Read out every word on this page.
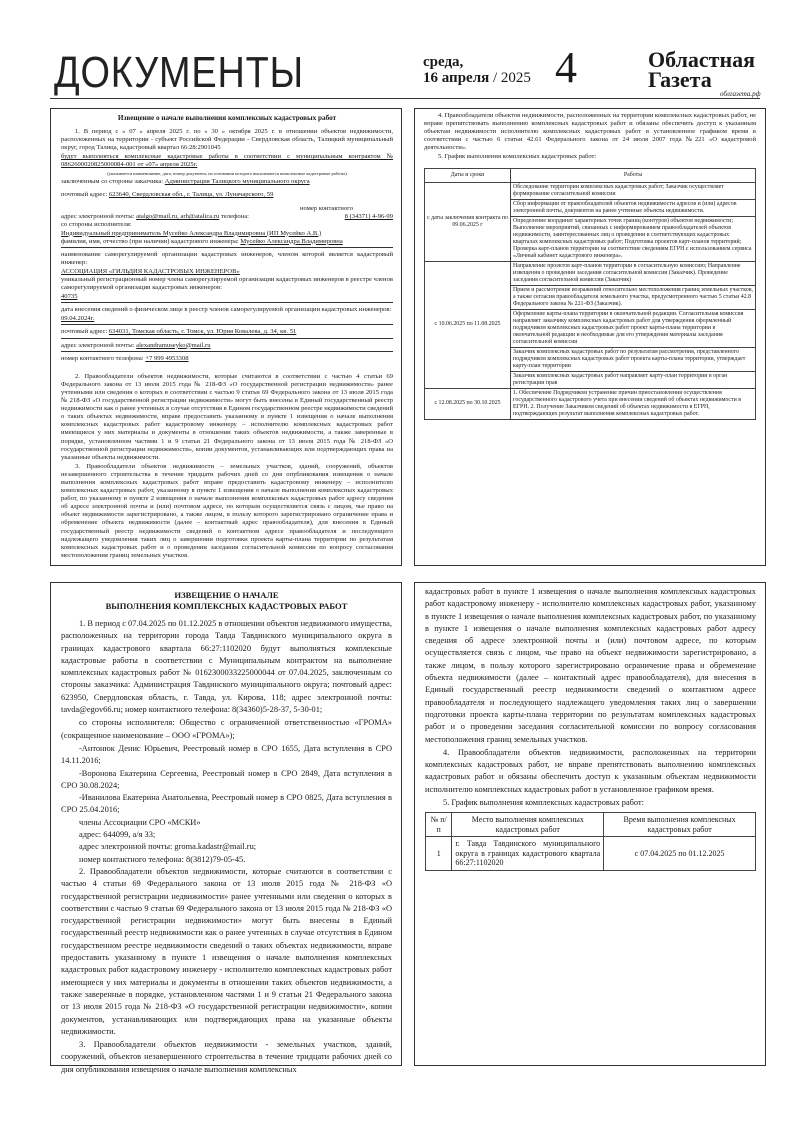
ДОКУМЕНТЫ	среда,
16 апреля / 2025 4	Областная
Газета
облгазета.рф
Извещение о начале выполнения комплексных кадастровых работ
1. В период с « 07 » апреля 2025 г. по « 30 » октября 2025 г. в отношении объектов недвижимости, расположенных на территории - субъект Российской Федерации - Свердловская область, Талицкий муниципальный округ, город Талица, кадастровый квартал 66:28:2901045
будут выполняться комплексные кадастровые работы в соответствии с муниципальным контрактом № 0862600020825000084-001 от «07» апреля 2025г.
(указывается наименование, дата, номер документа, на основании которого выполняются комплексные кадастровые работы)
заключенным со стороны заказчика: Администрация Талицкого муниципального округа
почтовый адрес: 623640, Свердловская обл., г. Талица, ул. Луначарского, 59
номер контактного
адрес электронной почты: atalgo@mail.ru, arh@atalica.ru телефона:	8 (34371) 4-96-99
со стороны исполнителя:
Индивидуальный предприниматель Мусейко Александра Владимировна (ИП Мусейко А.В.)
фамилия, имя, отчество (при наличии) кадастрового инженера: Мусейко Александра Владимировна
наименование саморегулируемой организации кадастровых инженеров, членом которой является кадастровый инженер:
АССОЦИАЦИЯ «ГИЛЬДИЯ КАДАСТРОВЫХ ИНЖЕНЕРОВ»
уникальный регистрационный номер члена саморегулируемой организации кадастровых инженеров в реестре членов саморегулируемой организации кадастровых инженеров:
40735
дата внесения сведений о физическом лице в реестр членов саморегулируемой организации кадастровых инженеров:
09.04.2024г.
почтовый адрес: 634031, Томская область, г. Томск, ул. Юрия Ковалева, д. 34, кв. 51
адрес электронной почты: alexandramuseyko@mail.ru
номер контактного телефона: +7 999 4953308
2. Правообладатели объектов недвижимости, которые считаются в соответствии с частью 4 статьи 69 Федерального закона от 13 июля 2015 года № 218-ФЗ «О государственной регистрации недвижимости» ранее учтенными или сведения о которых в соответствии с частью 9 статьи 69 Федерального закона от 13 июля 2015 года № 218-ФЗ «О государственной регистрации недвижимости» могут быть внесены в Единый государственный реестр недвижимости как о ранее учтенных в случае отсутствия в Едином государственном реестре недвижимости сведений о таких объектах недвижимости, вправе предоставить указанному в пункте 1 извещения о начале выполнения комплексных кадастровых работ кадастровому инженеру – исполнителю комплексных кадастровых работ имеющиеся у них материалы и документы в отношении таких объектов недвижимости, а также заверенные в порядке, установленном частями 1 и 9 статьи 21 Федерального закона от 13 июля 2015 года № 218-ФЗ «О государственной регистрации недвижимости», копии документов, устанавливающих или подтверждающих права на указанные объекты недвижимости.
3. Правообладатели объектов недвижимости – земельных участков, зданий, сооружений, объектов незавершенного строительства в течение тридцати рабочих дней со дня опубликования извещения о начале выполнения комплексных кадастровых работ вправе предоставить кадастровому инженеру – исполнителю комплексных кадастровых работ, указанному в пункте 1 извещения о начале выполнения комплексных кадастровых работ, по указанному в пункте 2 извещения о начале выполнения комплексных кадастровых работ адресу сведения об адресе электронной почты и (или) почтовом адресе, по которым осуществляется связь с лицом, чье право на объект недвижимости зарегистрировано, а также лицом, в пользу которого зарегистрировано ограничение права и обременение объекта недвижимости (далее – контактный адрес правообладателя), для внесения в Единый государственный реестр недвижимости сведений о контактном адресе правообладателя и последующего надлежащего уведомления таких лиц о завершении подготовки проекта карты-плана территории по результатам комплексных кадастровых работ и о проведении заседания согласительной комиссии по вопросу согласования местоположения границ земельных участков.
4. Правообладатели объектов недвижимости, расположенных на территории комплексных кадастровых работ, не вправе препятствовать выполнению комплексных кадастровых работ и обязаны обеспечить доступ к указанным объектам недвижимости исполнителю комплексных кадастровых работ в установленное графиком время в соответствии с частью 6 статьи 42.61 Федерального закона от 24 июля 2007 года №221 «О кадастровой деятельности».
5. График выполнения комплексных кадастровых работ:
Даты и сроки	Работы
с даты заключения контракта по 09.06.2025 г	Обследование территории комплексных кадастровых работ; Заказчик осуществляет формирование согласительной комиссии
	Сбор информации от правообладателей объектов недвижимости адресов и (или) адресов электронной почты, документов на ранее учтенные объекты недвижимости.
	Определение координат характерных точек границ (контуров) объектов недвижимости; Выполнение мероприятий, связанных с информированием правообладателей объектов недвижимости, заинтересованных лиц о проведении в соответствующих кадастровых кварталах комплексных кадастровых работ; Подготовка проектов карт-планов территорий; Проверка карт-планов территории на соответствие сведениям ЕГРН с использованием сервиса «Личный кабинет кадастрового инженера».
с 10.06.2025 по 11.08.2025	Направление проектов карт-планов территории в согласительную комиссию; Направление извещения о проведении заседания согласительной комиссии (Заказчик). Проведение заседания согласительной комиссии (Заказчик)
	Прием и рассмотрение возражений относительно местоположения границ земельных участков, а также сегласия правообладателя земельного участка, предусмотренного частью 5 статьи 42.8 Федерального закона № 221-ФЗ (Заказчик).
	Оформление карты-плана территории в окончательной редакции. Согласительная комиссия направляет заказчику комплексных кадастровых работ для утверждения оформленный подрядчиком комплексных кадастровых работ проект карты-плана территории в окончательной редакции и необходимые для его утверждения материалы заседания согласительной комиссии
	Заказчик комплексных кадастровых работ по результатам рассмотрения, представленного подрядчиком комплексных кадастровых работ проекта карты-плана территории, утверждает карту-план территории
	Заказчик комплексных кадастровых работ направляет карту-план территории в орган регистрации прав
с 12.08.2025 по 30.10.2025	1. Обеспечение Подрядчиком устранение причин приостановления осуществления государственного кадастрового учета при внесении сведений об объектах недвижимости в ЕГРН. 2. Получение Заказчиком сведений об объектах недвижимости в ЕГРН, подтверждающих результат выполнения комплексных кадастровых работ.
ИЗВЕЩЕНИЕ О НАЧАЛЕ
ВЫПОЛНЕНИЯ КОМПЛЕКСНЫХ КАДАСТРОВЫХ РАБОТ
1. В период с 07.04.2025 по 01.12.2025 в отношении объектов недвижимого имущества, расположенных на территории города Тавда Тавдинского муниципального округа в границах кадастрового квартала 66:27:1102020 будут выполняться комплексные кадастровые работы в соответствии с Муниципальным контрактом на выполнение комплексных кадастровых работ № 0162300033225000044 от 07.04.2025, заключенным со стороны заказчика: Администрация Тавдинского муниципального округа; почтовый адрес: 623950, Свердловская область, г. Тавда, ул. Кирова, 118; адрес электронной почты: tavda@egov66.ru; номер контактного телефона: 8(34360)5-28-37, 5-30-01;
со стороны исполнителя: Общество с ограниченной ответственностью «ГРОМА» (сокращенное наименование – ООО «ГРОМА»);
-Антонюк Денис Юрьевич, Реестровый номер в СРО 1655, Дата вступления в СРО 14.11.2016;
-Воронова Екатерина Сергеевна, Реестровый номер в СРО 2849, Дата вступления в СРО 30.08.2024;
-Иванилова Екатерина Анатольевна, Реестровый номер в СРО 0825, Дата вступления в СРО 25.04.2016;
члены Ассоциации СРО «МСКИ»
адрес: 644099, а/я 33;
адрес электронной почты: groma.kadastr@mail.ru;
номер контактного телефона: 8(3812)79-05-45.
2. Правообладатели объектов недвижимости, которые считаются в соответствии с частью 4 статьи 69 Федерального закона от 13 июля 2015 года № 218-ФЗ «О государственной регистрации недвижимости» ранее учтенными или сведения о которых в соответствии с частью 9 статьи 69 Федерального закона от 13 июля 2015 года № 218-ФЗ «О государственной регистрации недвижимости» могут быть внесены в Единый государственный реестр недвижимости как о ранее учтенных в случае отсутствия в Едином государственном реестре недвижимости сведений о таких объектах недвижимости, вправе предоставить указанному в пункте 1 извещения о начале выполнения комплексных кадастровых работ кадастровому инженеру - исполнителю комплексных кадастровых работ имеющиеся у них материалы и документы в отношении таких объектов недвижимости, а также заверенные в порядке, установленном частями 1 и 9 статьи 21 Федерального закона от 13 июля 2015 года № 218-ФЗ «О государственной регистрации недвижимости», копии документов, устанавливающих или подтверждающих права на указанные объекты недвижимости.
3. Правообладатели объектов недвижимости - земельных участков, зданий, сооружений, объектов незавершенного строительства в течение тридцати рабочих дней со дня опубликования извещения о начале выполнения комплексных
кадастровых работ в пункте 1 извещения о начале выполнения комплексных кадастровых работ кадастровому инженеру - исполнителю комплексных кадастровых работ, указанному в пункте 1 извещения о начале выполнения комплексных кадастровых работ, по указанному в пункте 1 извещения о начале выполнения комплексных кадастровых работ адресу сведения об адресе электронной почты и (или) почтовом адресе, по которым осуществляется связь с лицом, чье право на объект недвижимости зарегистрировано, а также лицом, в пользу которого зарегистрировано ограничение права и обременение объекта недвижимости (далее – контактный адрес правообладателя), для внесения в Единый государственный реестр недвижимости сведений о контактном адресе правообладателя и последующего надлежащего уведомления таких лиц о завершении подготовки проекта карты-плана территории по результатам комплексных кадастровых работ и о проведении заседания согласительной комиссии по вопросу согласования местоположения границ земельных участков.
4. Правообладатели объектов недвижимости, расположенных на территории комплексных кадастровых работ, не вправе препятствовать выполнению комплексных кадастровых работ и обязаны обеспечить доступ к указанным объектам недвижимости исполнителю комплексных кадастровых работ в установленное графиком время.
5. График выполнения комплексных кадастровых работ:
№ п/п	Место выполнения комплексных кадастровых работ	Время выполнения комплексных кадастровых работ
1	г. Тавда Тавдинского муниципального округа в границах кадастрового квартала 66:27:1102020	с 07.04.2025 по 01.12.2025
